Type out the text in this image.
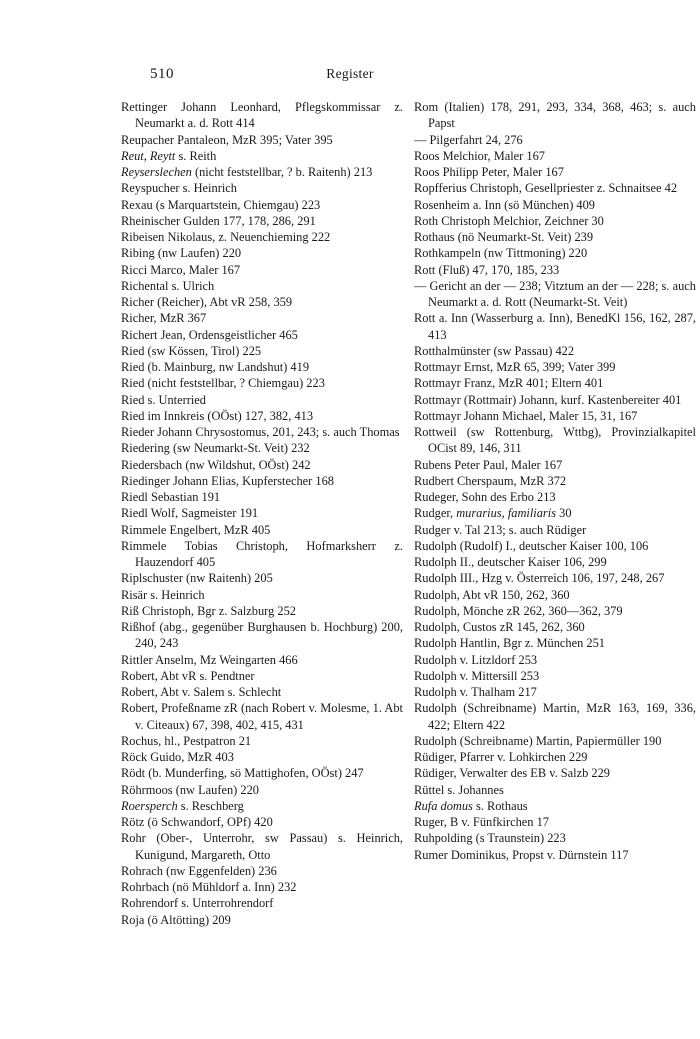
510	Register

Rettinger Johann Leonhard, Pflegskommissar z. Neumarkt a. d. Rott 414

Reupacher Pantaleon, MzR 395; Vater 395

Reut, Reytt s. Reith

Reyserslechen (nicht feststellbar, ? b. Raitenh) 213

Reyspucher s. Heinrich

Rexau (s Marquartstein, Chiemgau) 223

Rheinischer Gulden 177, 178, 286, 291

Ribeisen Nikolaus, z. Neuenchieming 222

Ribing (nw Laufen) 220

Ricci Marco, Maler 167

Richental s. Ulrich

Richer (Reicher), Abt vR 258, 359

Richer, MzR 367

Richert Jean, Ordensgeistlicher 465

Ried (sw Kössen, Tirol) 225

Ried (b. Mainburg, nw Landshut) 419

Ried (nicht feststellbar, ? Chiemgau) 223

Ried s. Unterried

Ried im Innkreis (OÖst) 127, 382, 413

Rieder Johann Chrysostomus, 201, 243; s. auch Thomas

Riedering (sw Neumarkt-St. Veit) 232

Riedersbach (nw Wildshut, OÖst) 242

Riedinger Johann Elias, Kupferstecher 168

Riedl Sebastian 191

Riedl Wolf, Sagmeister 191

Rimmele Engelbert, MzR 405

Rimmele Tobias Christoph, Hofmarksherr z. Hauzendorf 405

Riplschuster (nw Raitenh) 205

Risär s. Heinrich

Riß Christoph, Bgr z. Salzburg 252

Rißhof (abg., gegenüber Burghausen b. Hochburg) 200, 240, 243

Rittler Anselm, Mz Weingarten 466

Robert, Abt vR s. Pendtner

Robert, Abt v. Salem s. Schlecht

Robert, Profeßname zR (nach Robert v. Molesme, 1. Abt v. Citeaux) 67, 398, 402, 415, 431

Rochus, hl., Pestpatron 21

Röck Guido, MzR 403

Rödt (b. Munderfing, sö Mattighofen, OÖst) 247

Röhrmoos (nw Laufen) 220

Roersperch s. Reschberg

Rötz (ö Schwandorf, OPf) 420

Rohr (Ober-, Unterrohr, sw Passau) s. Heinrich, Kunigund, Margareth, Otto

Rohrach (nw Eggenfelden) 236

Rohrbach (nö Mühldorf a. Inn) 232

Rohrendorf s. Unterrohrendorf

Roja (ö Altötting) 209

Rom (Italien) 178, 291, 293, 334, 368, 463; s. auch Papst

— Pilgerfahrt 24, 276

Roos Melchior, Maler 167

Roos Philipp Peter, Maler 167

Ropfferius Christoph, Gesellpriester z. Schnaitsee 42

Rosenheim a. Inn (sö München) 409

Roth Christoph Melchior, Zeichner 30

Rothaus (nö Neumarkt-St. Veit) 239

Rothkampeln (nw Tittmoning) 220

Rott (Fluß) 47, 170, 185, 233

— Gericht an der — 238; Vitztum an der — 228; s. auch Neumarkt a. d. Rott (Neumarkt-St. Veit)

Rott a. Inn (Wasserburg a. Inn), BenedKl 156, 162, 287, 413

Rotthalmünster (sw Passau) 422

Rottmayr Ernst, MzR 65, 399; Vater 399

Rottmayr Franz, MzR 401; Eltern 401

Rottmayr (Rottmair) Johann, kurf. Kastenbereiter 401

Rottmayr Johann Michael, Maler 15, 31, 167

Rottweil (sw Rottenburg, Wttbg), Provinzialkapitel OCist 89, 146, 311

Rubens Peter Paul, Maler 167

Rudbert Cherspaum, MzR 372

Rudeger, Sohn des Erbo 213

Rudger, murarius, familiaris 30

Rudger v. Tal 213; s. auch Rüdiger

Rudolph (Rudolf) I., deutscher Kaiser 100, 106

Rudolph II., deutscher Kaiser 106, 299

Rudolph III., Hzg v. Österreich 106, 197, 248, 267

Rudolph, Abt vR 150, 262, 360

Rudolph, Mönche zR 262, 360—362, 379

Rudolph, Custos zR 145, 262, 360

Rudolph Hantlin, Bgr z. München 251

Rudolph v. Litzldorf 253

Rudolph v. Mittersill 253

Rudolph v. Thalham 217

Rudolph (Schreibname) Martin, MzR 163, 169, 336, 422; Eltern 422

Rudolph (Schreibname) Martin, Papiermüller 190

Rüdiger, Pfarrer v. Lohkirchen 229

Rüdiger, Verwalter des EB v. Salzb 229

Rüttel s. Johannes

Rufa domus s. Rothaus

Ruger, B v. Fünfkirchen 17

Ruhpolding (s Traunstein) 223

Rumer Dominikus, Propst v. Dürnstein 117
